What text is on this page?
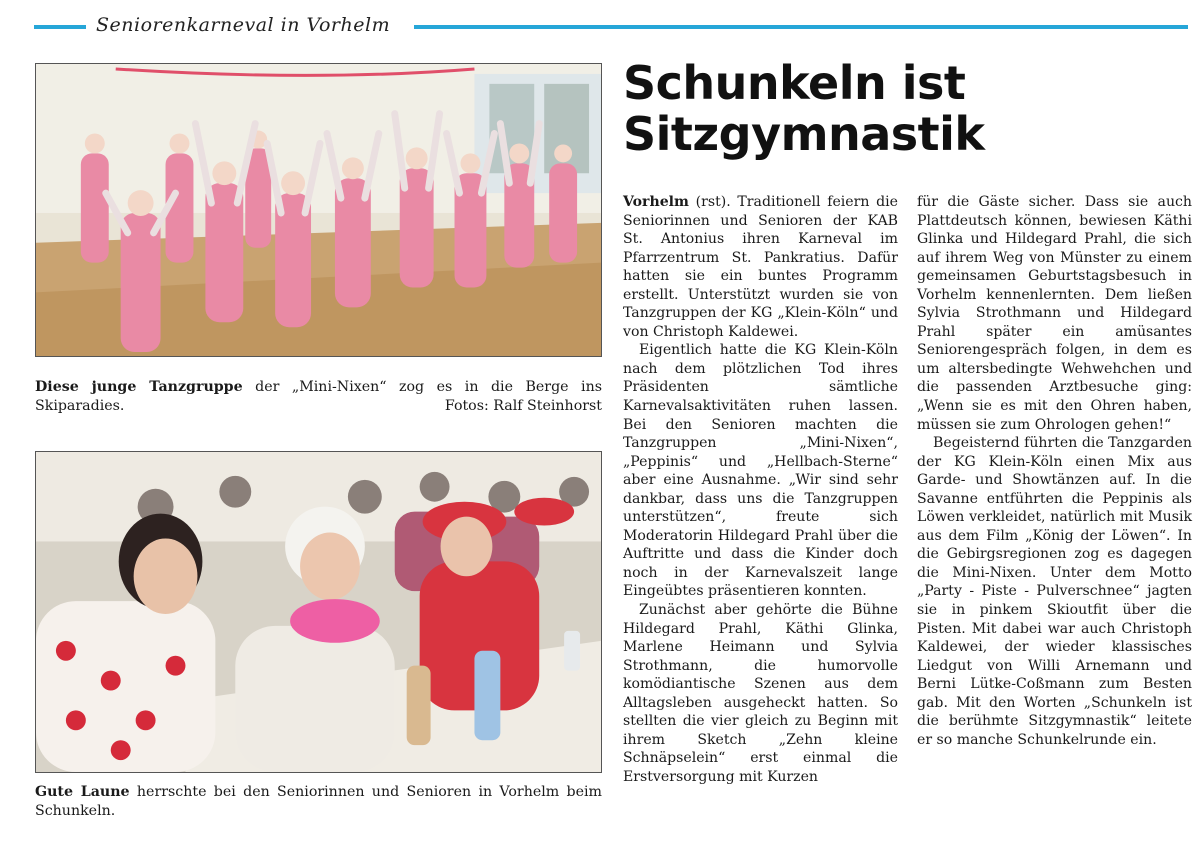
Seniorenkarneval in Vorhelm
Diese junge Tanzgruppe der „Mini-Nixen“ zog es in die Berge ins Skiparadies.	Fotos: Ralf Steinhorst
Gute Laune herrschte bei den Seniorinnen und Senioren in Vorhelm beim Schunkeln.
Schunkeln ist Sitzgymnastik

Vorhelm (rst). Traditionell feiern die Seniorinnen und Senioren der KAB St. Antonius ihren Karneval im Pfarrzentrum St. Pankratius. Dafür hatten sie ein buntes Programm erstellt. Unterstützt wurden sie von Tanzgruppen der KG „Klein-Köln“ und von Christoph Kaldewei.

Eigentlich hatte die KG Klein-Köln nach dem plötzlichen Tod ihres Präsidenten sämtliche Karnevalsaktivitäten ruhen lassen. Bei den Senioren machten die Tanzgruppen „Mini-Nixen“, „Peppinis“ und „Hellbach-Sterne“ aber eine Ausnahme. „Wir sind sehr dankbar, dass uns die Tanzgruppen unterstützen“, freute sich Moderatorin Hildegard Prahl über die Auftritte und dass die Kinder doch noch in der Karnevalszeit lange Eingeübtes präsentieren konnten.

Zunächst aber gehörte die Bühne Hildegard Prahl, Käthi Glinka, Marlene Heimann und Sylvia Strothmann, die humorvolle komödiantische Szenen aus dem Alltagsleben ausgeheckt hatten. So stellten die vier gleich zu Beginn mit ihrem Sketch „Zehn kleine Schnäpselein“ erst einmal die Erstversorgung mit Kurzen

für die Gäste sicher. Dass sie auch Plattdeutsch können, bewiesen Käthi Glinka und Hildegard Prahl, die sich auf ihrem Weg von Münster zu einem gemeinsamen Geburtstagsbesuch in Vorhelm kennenlernten. Dem ließen Sylvia Strothmann und Hildegard Prahl später ein amüsantes Seniorengespräch folgen, in dem es um altersbedingte Wehwehchen und die passenden Arztbesuche ging: „Wenn sie es mit den Ohren haben, müssen sie zum Ohrologen gehen!“

Begeisternd führten die Tanzgarden der KG Klein-Köln einen Mix aus Garde- und Showtänzen auf. In die Savanne entführten die Peppinis als Löwen verkleidet, natürlich mit Musik aus dem Film „König der Löwen“. In die Gebirgsregionen zog es dagegen die Mini-Nixen. Unter dem Motto „Party - Piste - Pulverschnee“ jagten sie in pinkem Skioutfit über die Pisten. Mit dabei war auch Christoph Kaldewei, der wieder klassisches Liedgut von Willi Arnemann und Berni Lütke-Coßmann zum Besten gab. Mit den Worten „Schunkeln ist die berühmte Sitzgymnastik“ leitete er so manche Schunkelrunde ein.
